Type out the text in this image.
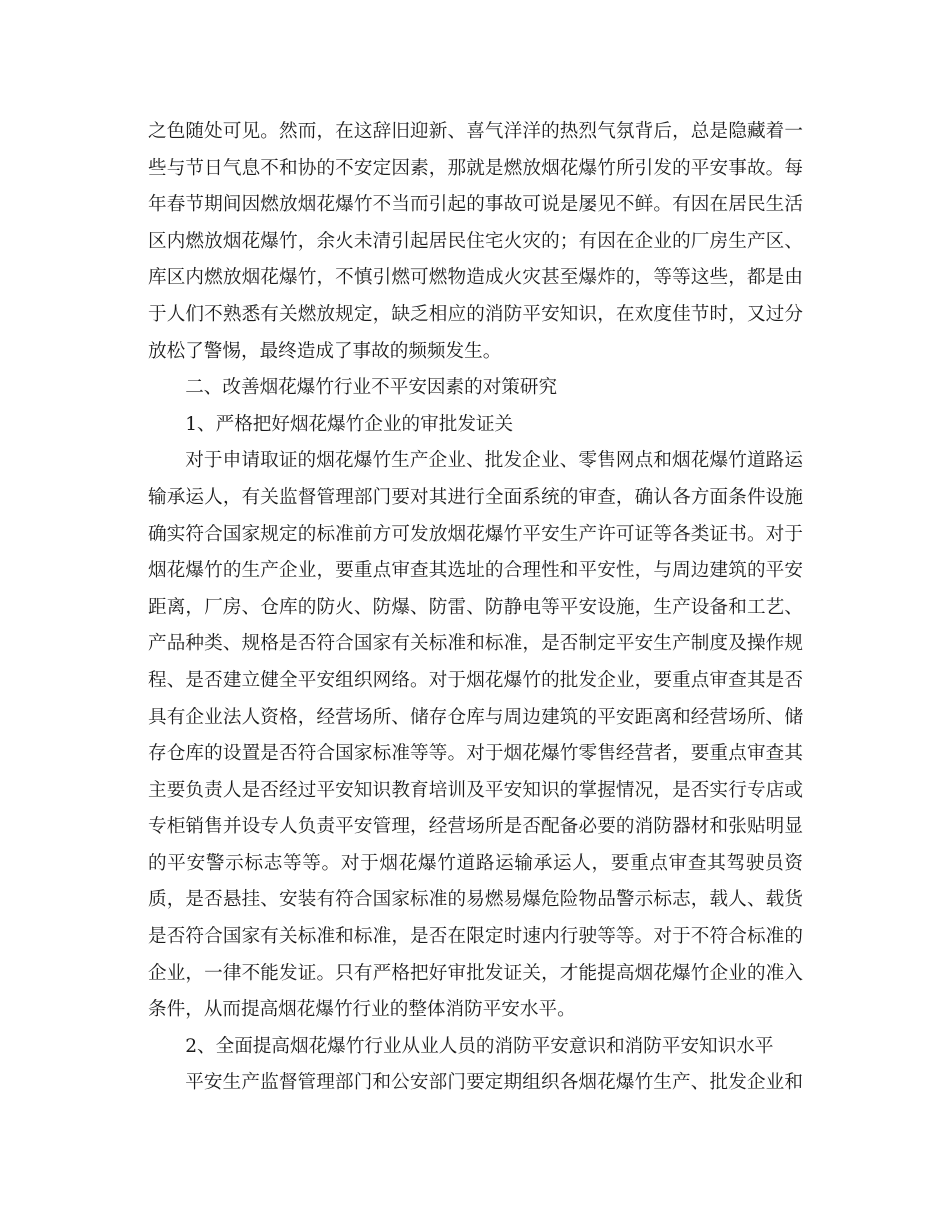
之色随处可见。然而，在这辞旧迎新、喜气洋洋的热烈气氛背后，总是隐藏着一
些与节日气息不和协的不安定因素，那就是燃放烟花爆竹所引发的平安事故。每
年春节期间因燃放烟花爆竹不当而引起的事故可说是屡见不鲜。有因在居民生活
区内燃放烟花爆竹，余火未清引起居民住宅火灾的；有因在企业的厂房生产区、
库区内燃放烟花爆竹，不慎引燃可燃物造成火灾甚至爆炸的，等等这些，都是由
于人们不熟悉有关燃放规定，缺乏相应的消防平安知识，在欢度佳节时，又过分
放松了警惕，最终造成了事故的频频发生。

二、改善烟花爆竹行业不平安因素的对策研究

1、严格把好烟花爆竹企业的审批发证关

对于申请取证的烟花爆竹生产企业、批发企业、零售网点和烟花爆竹道路运
输承运人，有关监督管理部门要对其进行全面系统的审查，确认各方面条件设施
确实符合国家规定的标准前方可发放烟花爆竹平安生产许可证等各类证书。对于
烟花爆竹的生产企业，要重点审查其选址的合理性和平安性，与周边建筑的平安
距离，厂房、仓库的防火、防爆、防雷、防静电等平安设施，生产设备和工艺、
产品种类、规格是否符合国家有关标准和标准，是否制定平安生产制度及操作规
程、是否建立健全平安组织网络。对于烟花爆竹的批发企业，要重点审查其是否
具有企业法人资格，经营场所、储存仓库与周边建筑的平安距离和经营场所、储
存仓库的设置是否符合国家标准等等。对于烟花爆竹零售经营者，要重点审查其
主要负责人是否经过平安知识教育培训及平安知识的掌握情况，是否实行专店或
专柜销售并设专人负责平安管理，经营场所是否配备必要的消防器材和张贴明显
的平安警示标志等等。对于烟花爆竹道路运输承运人，要重点审查其驾驶员资
质，是否悬挂、安装有符合国家标准的易燃易爆危险物品警示标志，载人、载货
是否符合国家有关标准和标准，是否在限定时速内行驶等等。对于不符合标准的
企业，一律不能发证。只有严格把好审批发证关，才能提高烟花爆竹企业的准入
条件，从而提高烟花爆竹行业的整体消防平安水平。

2、全面提高烟花爆竹行业从业人员的消防平安意识和消防平安知识水平

平安生产监督管理部门和公安部门要定期组织各烟花爆竹生产、批发企业和
